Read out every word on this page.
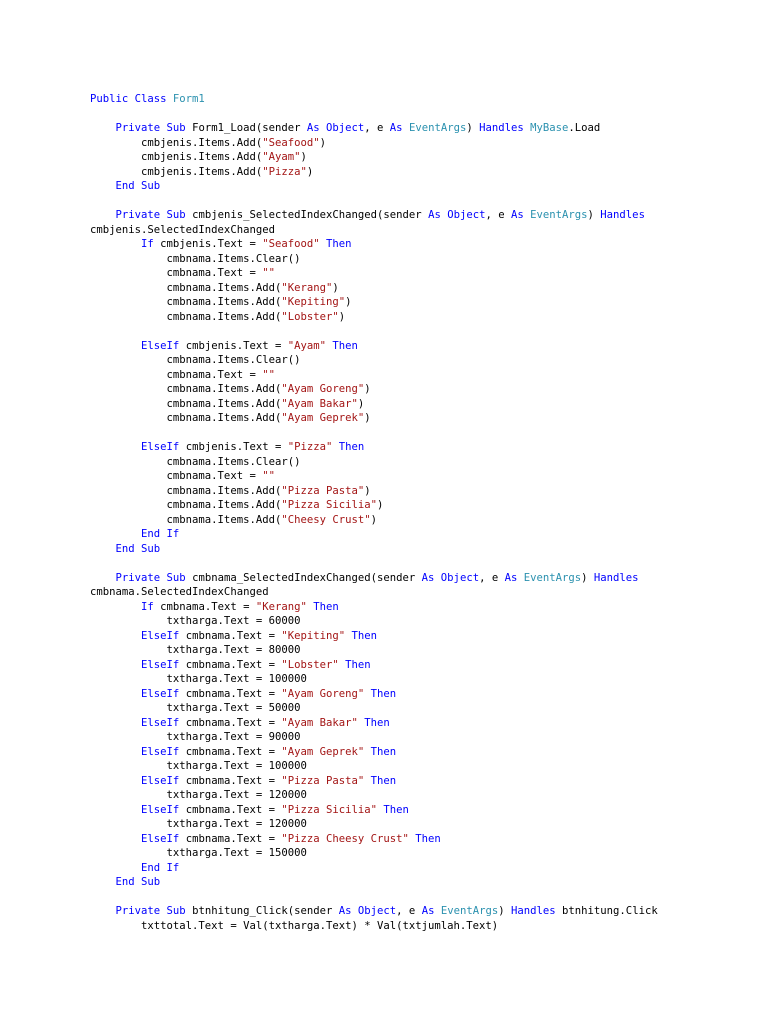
Public Class Form1
Private Sub Form1_Load(sender As Object, e As EventArgs) Handles MyBase.Load
cmbjenis.Items.Add("Seafood")
cmbjenis.Items.Add("Ayam")
cmbjenis.Items.Add("Pizza")
End Sub
Private Sub cmbjenis_SelectedIndexChanged(sender As Object, e As EventArgs) Handles
cmbjenis.SelectedIndexChanged
If cmbjenis.Text = "Seafood" Then
cmbnama.Items.Clear()
cmbnama.Text = ""
cmbnama.Items.Add("Kerang")
cmbnama.Items.Add("Kepiting")
cmbnama.Items.Add("Lobster")
ElseIf cmbjenis.Text = "Ayam" Then
cmbnama.Items.Clear()
cmbnama.Text = ""
cmbnama.Items.Add("Ayam Goreng")
cmbnama.Items.Add("Ayam Bakar")
cmbnama.Items.Add("Ayam Geprek")
ElseIf cmbjenis.Text = "Pizza" Then
cmbnama.Items.Clear()
cmbnama.Text = ""
cmbnama.Items.Add("Pizza Pasta")
cmbnama.Items.Add("Pizza Sicilia")
cmbnama.Items.Add("Cheesy Crust")
End If
End Sub
Private Sub cmbnama_SelectedIndexChanged(sender As Object, e As EventArgs) Handles
cmbnama.SelectedIndexChanged
If cmbnama.Text = "Kerang" Then
txtharga.Text = 60000
ElseIf cmbnama.Text = "Kepiting" Then
txtharga.Text = 80000
ElseIf cmbnama.Text = "Lobster" Then
txtharga.Text = 100000
ElseIf cmbnama.Text = "Ayam Goreng" Then
txtharga.Text = 50000
ElseIf cmbnama.Text = "Ayam Bakar" Then
txtharga.Text = 90000
ElseIf cmbnama.Text = "Ayam Geprek" Then
txtharga.Text = 100000
ElseIf cmbnama.Text = "Pizza Pasta" Then
txtharga.Text = 120000
ElseIf cmbnama.Text = "Pizza Sicilia" Then
txtharga.Text = 120000
ElseIf cmbnama.Text = "Pizza Cheesy Crust" Then
txtharga.Text = 150000
End If
End Sub
Private Sub btnhitung_Click(sender As Object, e As EventArgs) Handles btnhitung.Click
txttotal.Text = Val(txtharga.Text) * Val(txtjumlah.Text)
